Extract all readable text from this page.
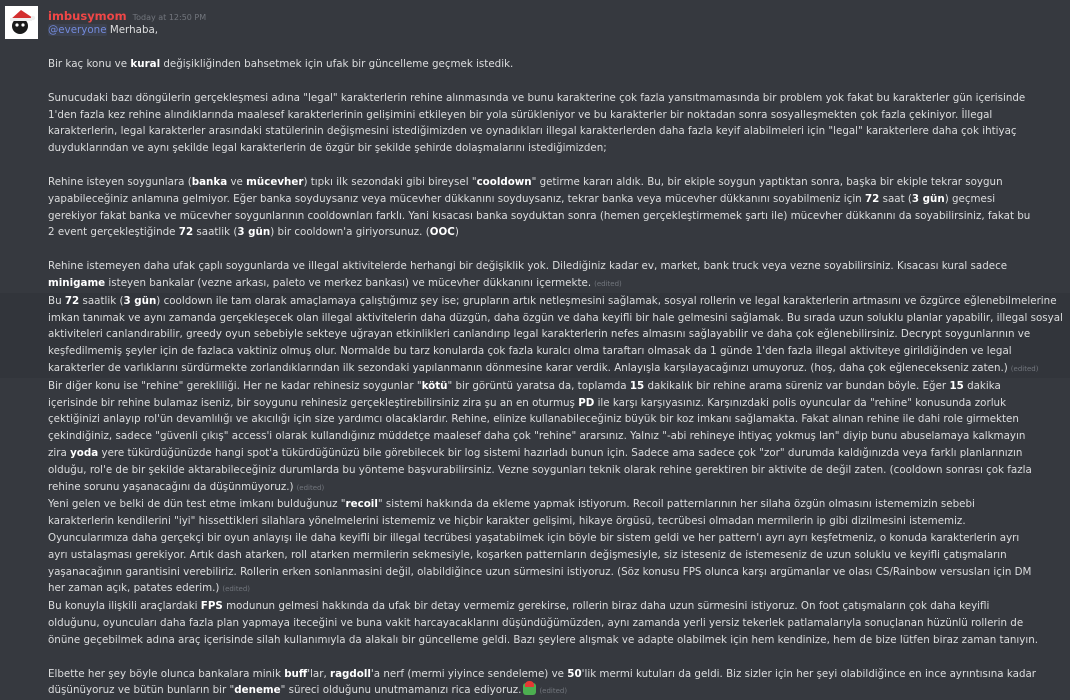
imbusymom Today at 12:50 PM
@everyone Merhaba,
Bir kaç konu ve kural değişikliğinden bahsetmek için ufak bir güncelleme geçmek istedik.
Sunucudaki bazı döngülerin gerçekleşmesi adına "legal" karakterlerin rehine alınmasında ve bunu karakterine çok fazla yansıtmamasında bir problem yok fakat bu karakterler gün içerisinde 1'den fazla kez rehine alındıklarında maalesef karakterlerinin gelişimini etkileyen bir yola sürükleniyor ve bu karakterler bir noktadan sonra sosyalleşmekten çok fazla çekiniyor. İllegal karakterlerin, legal karakterler arasındaki statülerinin değişmesini istediğimizden ve oynadıkları illegal karakterlerden daha fazla keyif alabilmeleri için "legal" karakterlere daha çok ihtiyaç duyduklarından ve aynı şekilde legal karakterlerin de özgür bir şekilde şehirde dolaşmalarını istediğimizden;
Rehine isteyen soygunlara (banka ve mücevher) tıpkı ilk sezondaki gibi bireysel "cooldown" getirme kararı aldık. Bu, bir ekiple soygun yaptıktan sonra, başka bir ekiple tekrar soygun yapabileceğiniz anlamına gelmiyor. Eğer banka soyduysanız veya mücevher dükkanını soyduysanız, tekrar banka veya mücevher dükkanını soyabilmeniz için 72 saat (3 gün) geçmesi gerekiyor fakat banka ve mücevher soygunlarının cooldownları farklı. Yani kısacası banka soyduktan sonra (hemen gerçekleştirmemek şartı ile) mücevher dükkanını da soyabilirsiniz, fakat bu 2 event gerçekleştiğinde 72 saatlik (3 gün) bir cooldown'a giriyorsunuz. (OOC)
Rehine istemeyen daha ufak çaplı soygunlarda ve illegal aktivitelerde herhangi bir değişiklik yok. Dilediğiniz kadar ev, market, bank truck veya vezne soyabilirsiniz. Kısacası kural sadece minigame isteyen bankalar (vezne arkası, paleto ve merkez bankası) ve mücevher dükkanını içermekte. (edited)
Bu 72 saatlik (3 gün) cooldown ile tam olarak amaçlamaya çalıştığımız şey ise; grupların artık netleşmesini sağlamak, sosyal rollerin ve legal karakterlerin artmasını ve özgürce eğlenebilmelerine imkan tanımak ve aynı zamanda gerçekleşecek olan illegal aktivitelerin daha düzgün, daha özgün ve daha keyifli bir hale gelmesini sağlamak. Bu sırada uzun soluklu planlar yapabilir, illegal sosyal aktiviteleri canlandırabilir, greedy oyun sebebiyle sekteye uğrayan etkinlikleri canlandırıp legal karakterlerin nefes almasını sağlayabilir ve daha çok eğlenebilirsiniz. Decrypt soygunlarının ve keşfedilmemiş şeyler için de fazlaca vaktiniz olmuş olur. Normalde bu tarz konularda çok fazla kuralcı olma taraftarı olmasak da 1 günde 1'den fazla illegal aktiviteye girildiğinden ve legal karakterler de varlıklarını sürdürmekte zorlandıklarından ilk sezondaki yapılanmanın dönmesine karar verdik. Anlayışla karşılayacağınızı umuyoruz. (hoş, daha çok eğlenecekseniz zaten.) (edited)
Bir diğer konu ise "rehine" gerekliliği. Her ne kadar rehinesiz soygunlar "kötü" bir görüntü yaratsa da, toplamda 15 dakikalık bir rehine arama süreniz var bundan böyle. Eğer 15 dakika içerisinde bir rehine bulamaz iseniz, bir soygunu rehinesiz gerçekleştirebilirsiniz zira şu an en oturmuş PD ile karşı karşıyasınız. Karşınızdaki polis oyuncular da "rehine" konusunda zorluk çektiğinizi anlayıp rol'ün devamlılığı ve akıcılığı için size yardımcı olacaklardır. Rehine, elinize kullanabileceğiniz büyük bir koz imkanı sağlamakta. Fakat alınan rehine ile dahi role girmekten çekindiğiniz, sadece "güvenli çıkış" access'i olarak kullandığınız müddetçe maalesef daha çok "rehine" ararsınız. Yalnız "-abi rehineye ihtiyaç yokmuş lan" diyip bunu abuselamaya kalkmayın zira yoda yere tükürdüğünüzde hangi spot'a tükürdüğünüzü bile görebilecek bir log sistemi hazırladı bunun için. Sadece ama sadece çok "zor" durumda kaldığınızda veya farklı planlarınızın olduğu, rol'e de bir şekilde aktarabileceğiniz durumlarda bu yönteme başvurabilirsiniz. Vezne soygunları teknik olarak rehine gerektiren bir aktivite de değil zaten. (cooldown sonrası çok fazla rehine sorunu yaşanacağını da düşünmüyoruz.) (edited)
Yeni gelen ve belki de dün test etme imkanı bulduğunuz "recoil" sistemi hakkında da ekleme yapmak istiyorum. Recoil patternlarının her silaha özgün olmasını istememizin sebebi karakterlerin kendilerini "iyi" hissettikleri silahlara yönelmelerini istememiz ve hiçbir karakter gelişimi, hikaye örgüsü, tecrübesi olmadan mermilerin ip gibi dizilmesini istememiz. Oyuncularımıza daha gerçekçi bir oyun anlayışı ile daha keyifli bir illegal tecrübesi yaşatabilmek için böyle bir sistem geldi ve her pattern'ı ayrı ayrı keşfetmeniz, o konuda karakterlerin ayrı ayrı ustalaşması gerekiyor. Artık dash atarken, roll atarken mermilerin sekmesiyle, koşarken patternların değişmesiyle, siz isteseniz de istemeseniz de uzun soluklu ve keyifli çatışmaların yaşanacağının garantisini verebiliriz. Rollerin erken sonlanmasini değil, olabildiğince uzun sürmesini istiyoruz. (Söz konusu FPS olunca karşı argümanlar ve olası CS/Rainbow versusları için DM her zaman açık, patates ederim.) (edited)
Bu konuyla ilişkili araçlardaki FPS modunun gelmesi hakkında da ufak bir detay vermemiz gerekirse, rollerin biraz daha uzun sürmesini istiyoruz. On foot çatışmaların çok daha keyifli olduğunu, oyuncuları daha fazla plan yapmaya iteceğini ve buna vakit harcayacaklarını düşündüğümüzden, aynı zamanda yerli yersiz tekerlek patlamalarıyla sonuçlanan hüzünlü rollerin de önüne geçebilmek adına araç içerisinde silah kullanımıyla da alakalı bir güncelleme geldi. Bazı şeylere alışmak ve adapte olabilmek için hem kendinize, hem de bize lütfen biraz zaman tanıyın.
Elbette her şey böyle olunca bankalara minik buff'lar, ragdoll'a nerf (mermi yiyince sendeleme) ve 50'lik mermi kutuları da geldi. Biz sizler için her şeyi olabildiğince en ince ayrıntısına kadar düşünüyoruz ve bütün bunların bir "deneme" süreci olduğunu unutmamanızı rica ediyoruz.	(edited)
